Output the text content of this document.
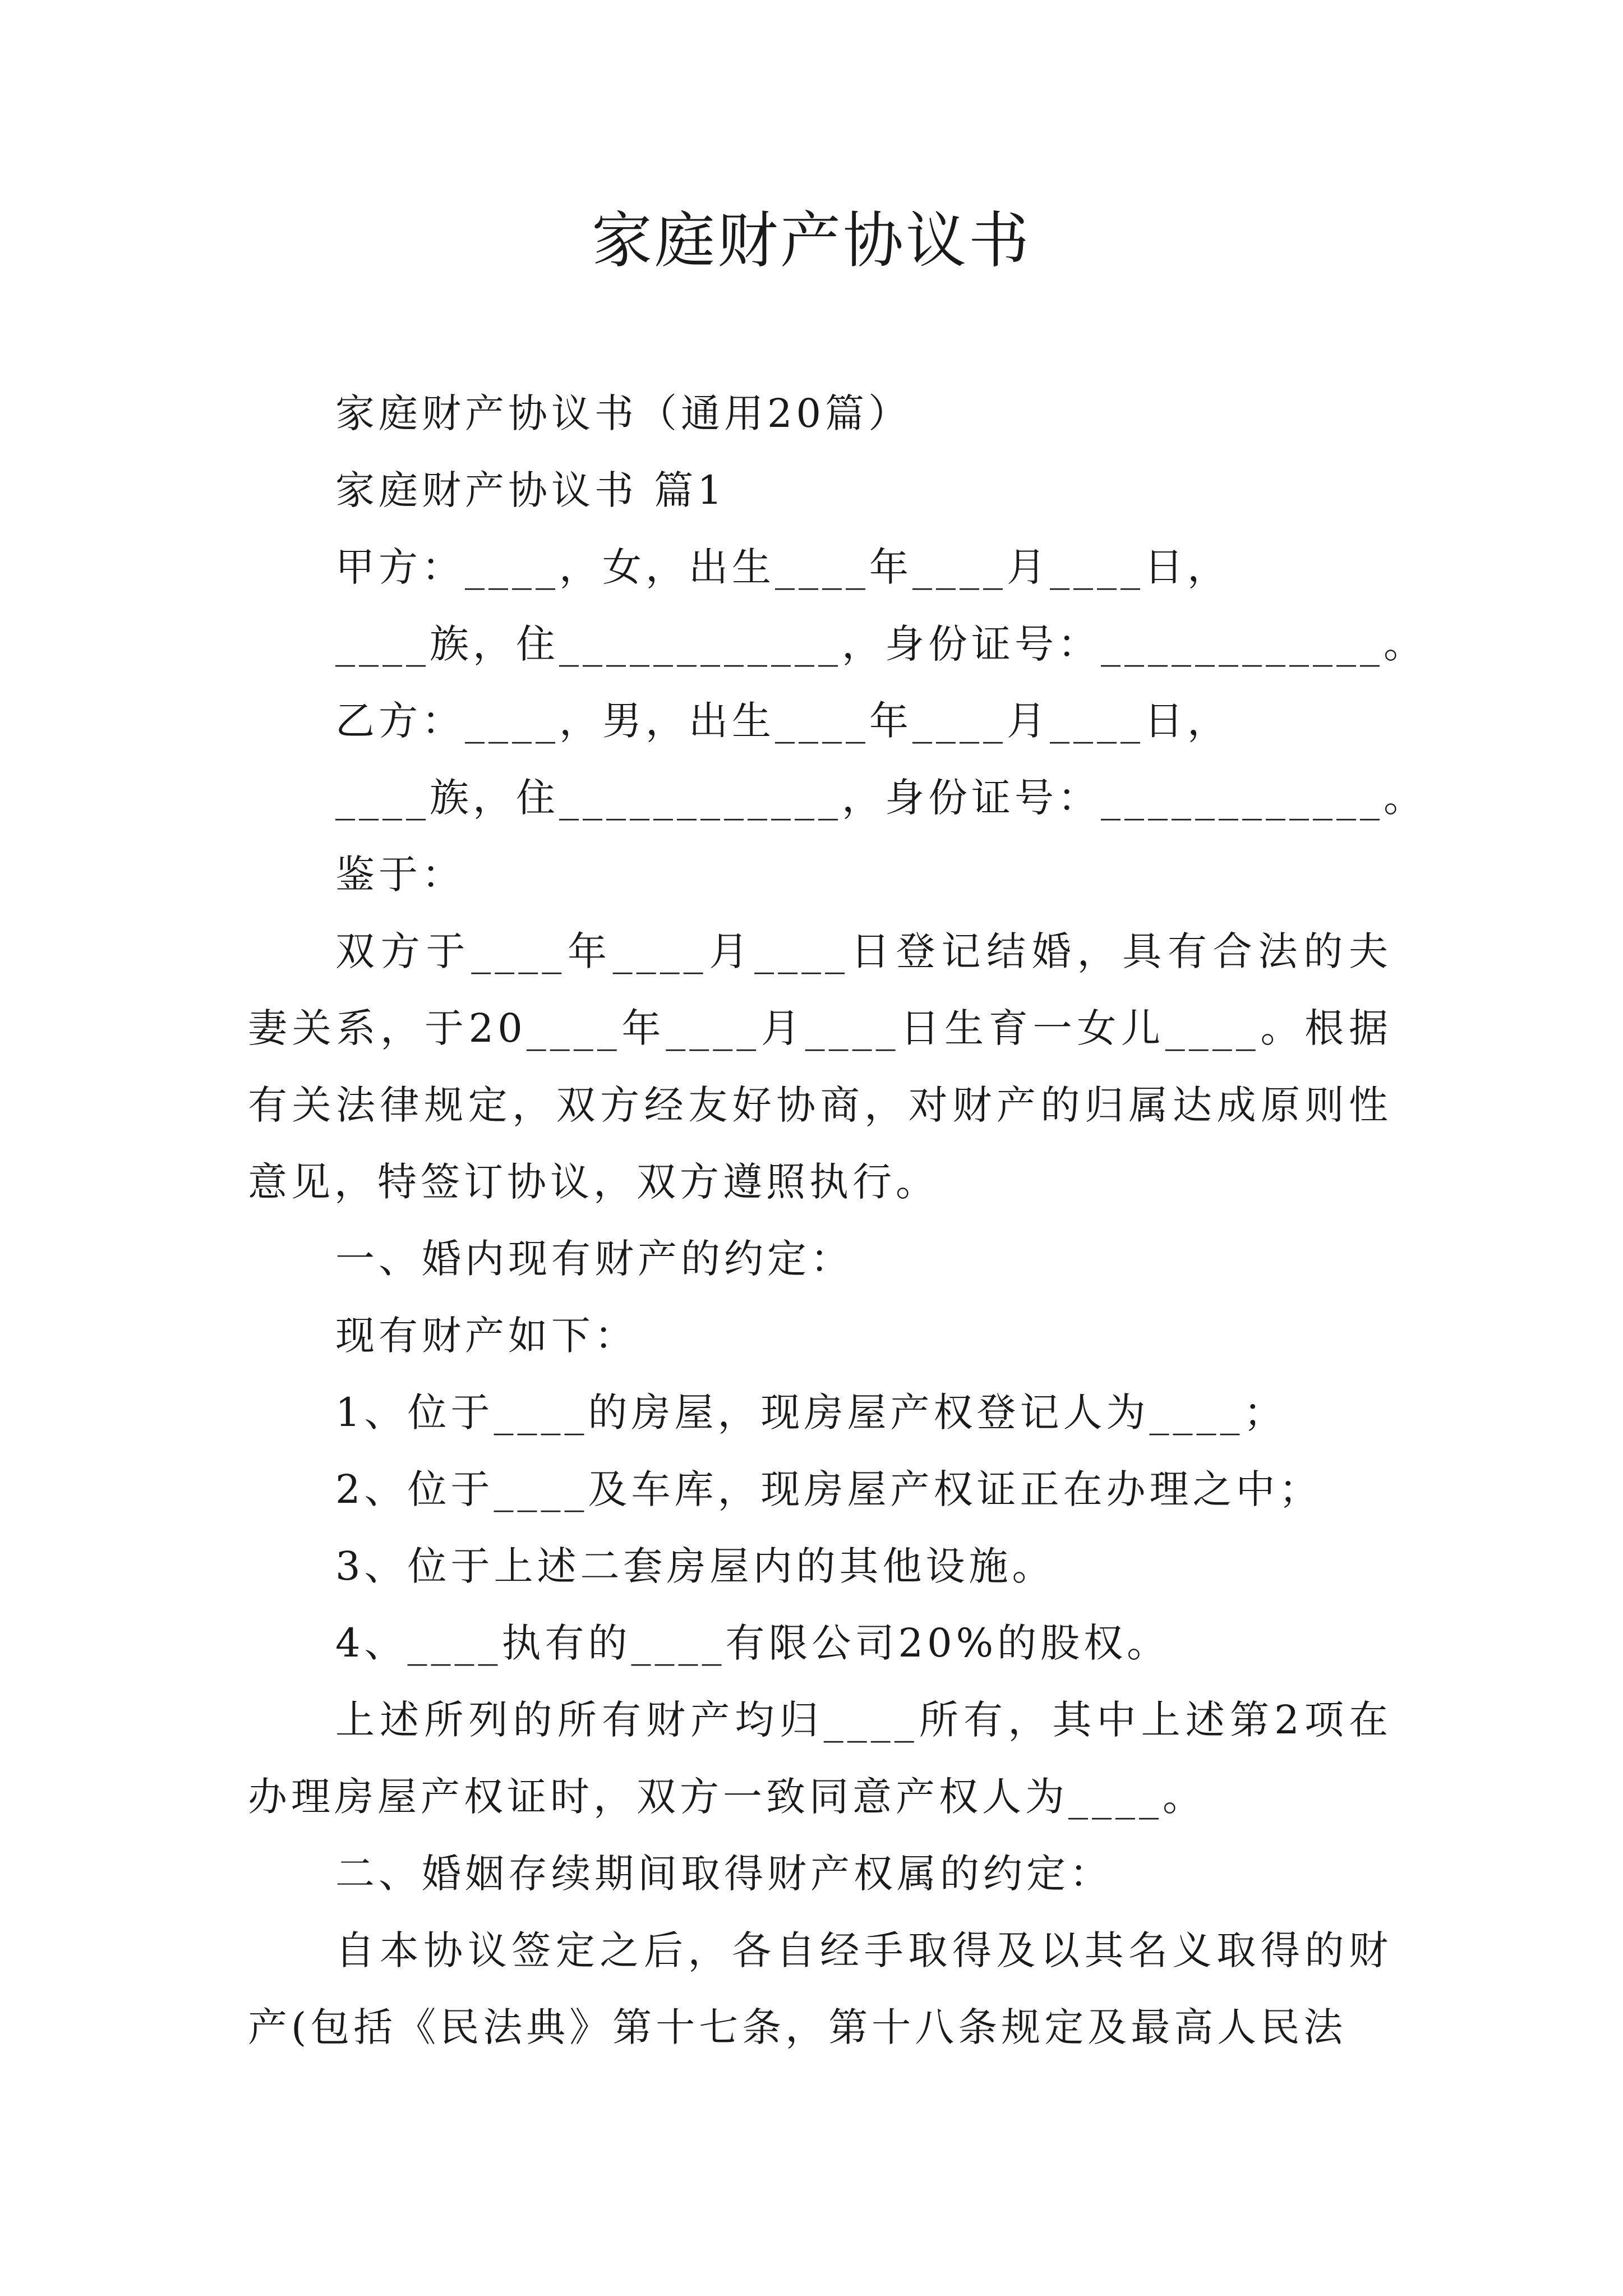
家庭财产协议书

家庭财产协议书（通用20篇）

家庭财产协议书 篇1

甲方：____，女，出生____年____月____日，

____族，住____________，身份证号：____________。

乙方：____，男，出生____年____月____日，

____族，住____________，身份证号：____________。

鉴于：

双方于____年____月____日登记结婚，具有合法的夫妻关系，于20____年____月____日生育一女儿____。根据有关法律规定，双方经友好协商，对财产的归属达成原则性意见，特签订协议，双方遵照执行。

一、婚内现有财产的约定：

现有财产如下：

1、位于____的房屋，现房屋产权登记人为____；

2、位于____及车库，现房屋产权证正在办理之中；

3、位于上述二套房屋内的其他设施。

4、____执有的____有限公司20%的股权。

上述所列的所有财产均归____所有，其中上述第2项在办理房屋产权证时，双方一致同意产权人为____。

二、婚姻存续期间取得财产权属的约定：

自本协议签定之后，各自经手取得及以其名义取得的财产(包括《民法典》第十七条，第十八条规定及最高人民法
